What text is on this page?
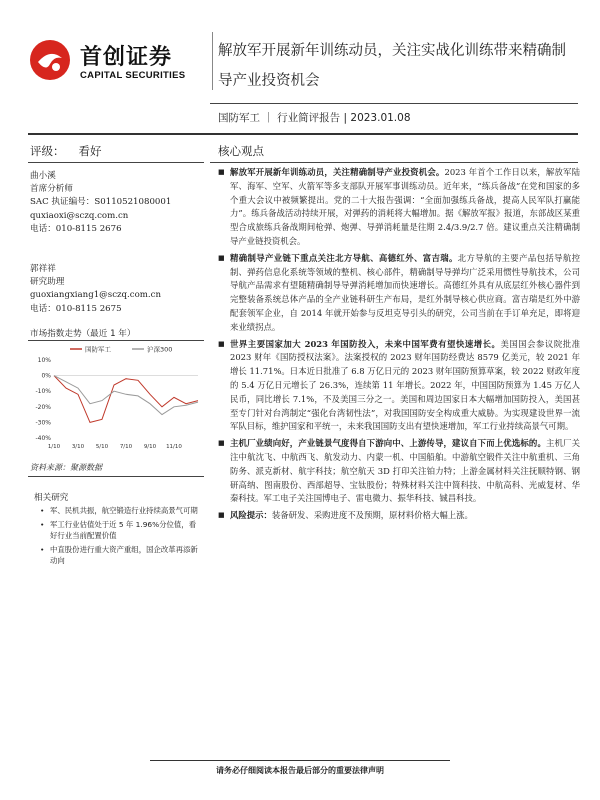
首创证券
CAPITAL SECURITIES
解放军开展新年训练动员，关注实战化训练带来精确制导产业投资机会
国防军工 ｜ 行业简评报告 | 2023.01.08
评级： 看好
曲小溪
首席分析师
SAC 执证编号：S0110521080001
quxiaoxi@sczq.com.cn
电话：010-8115 2676
郭祥祥
研究助理
guoxiangxiang1@sczq.com.cn
电话：010-8115 2675
市场指数走势（最近 1 年）
国防军工	沪深300
10%
0%
-10%
-20%
-30%
-40%
1/10 3/10 5/10 7/10 9/10 11/10
资料来源：聚源数据
相关研究
• 军、民机共振，航空锻造行业持续高景气可期
• 军工行业估值处于近 5 年 1.96%分位值，看好行业当前配置价值
• 中直股份进行重大资产重组，国企改革再添新动向
核心观点

■ 解放军开展新年训练动员，关注精确制导产业投资机会。2023 年首个工作日以来，解放军陆军、海军、空军、火箭军等多支部队开展军事训练动员。近年来，“练兵备战”在党和国家的多个重大会议中被频繁提出。党的二十大报告强调：“全面加强练兵备战，提高人民军队打赢能力”。练兵备战活动持续开展，对弹药的消耗将大幅增加。据《解放军报》报道，东部战区某重型合成旅练兵备战期间枪弹、炮弹、导弹消耗量是往期 2.4/3.9/2.7 倍。建议重点关注精确制导产业链投资机会。

■ 精确制导产业链下重点关注北方导航、高德红外、富吉瑞。北方导航的主要产品包括导航控制、弹药信息化系统等领域的整机、核心部件，精确制导导弹均广泛采用惯性导航技术，公司导航产品需求有望随精确制导导弹消耗增加而快速增长。高德红外具有从底层红外核心器件到完整装备系统总体产品的全产业链科研生产布局，是红外制导核心供应商。富吉瑞是红外中游配套领军企业，自 2014 年就开始参与反坦克导引头的研究，公司当前在手订单充足，即将迎来业绩拐点。

■ 世界主要国家加大 2023 年国防投入，未来中国军费有望快速增长。美国国会参议院批准 2023 财年《国防授权法案》。法案授权的 2023 财年国防经费达 8579 亿美元，较 2021 年增长 11.71%。日本近日批准了 6.8 万亿日元的 2023 财年国防预算草案，较 2022 财政年度的 5.4 万亿日元增长了 26.3%，连续第 11 年增长。2022 年，中国国防预算为 1.45 万亿人民币，同比增长 7.1%，不及美国三分之一。美国和周边国家日本大幅增加国防投入，美国甚至专门针对台湾制定“强化台湾韧性法”，对我国国防安全构成重大威胁。为实现建设世界一流军队目标，维护国家和平统一，未来我国国防支出有望快速增加，军工行业持续高景气可期。

■ 主机厂业绩向好，产业链景气度得自下游向中、上游传导，建议自下而上优选标的。主机厂关注中航沈飞、中航西飞、航发动力、内蒙一机、中国船舶。中游航空锻件关注中航重机、三角防务、派克新材、航宇科技；航空航天 3D 打印关注铂力特；上游金属材料关注抚顺特钢、钢研高纳、图南股份、西部超导、宝钛股份；特殊材料关注中简科技、中航高科、光威复材、华秦科技。军工电子关注国博电子、雷电微力、振华科技、铖昌科技。

■ 风险提示：装备研发、采购进度不及预期，原材料价格大幅上涨。

请务必仔细阅读本报告最后部分的重要法律声明
